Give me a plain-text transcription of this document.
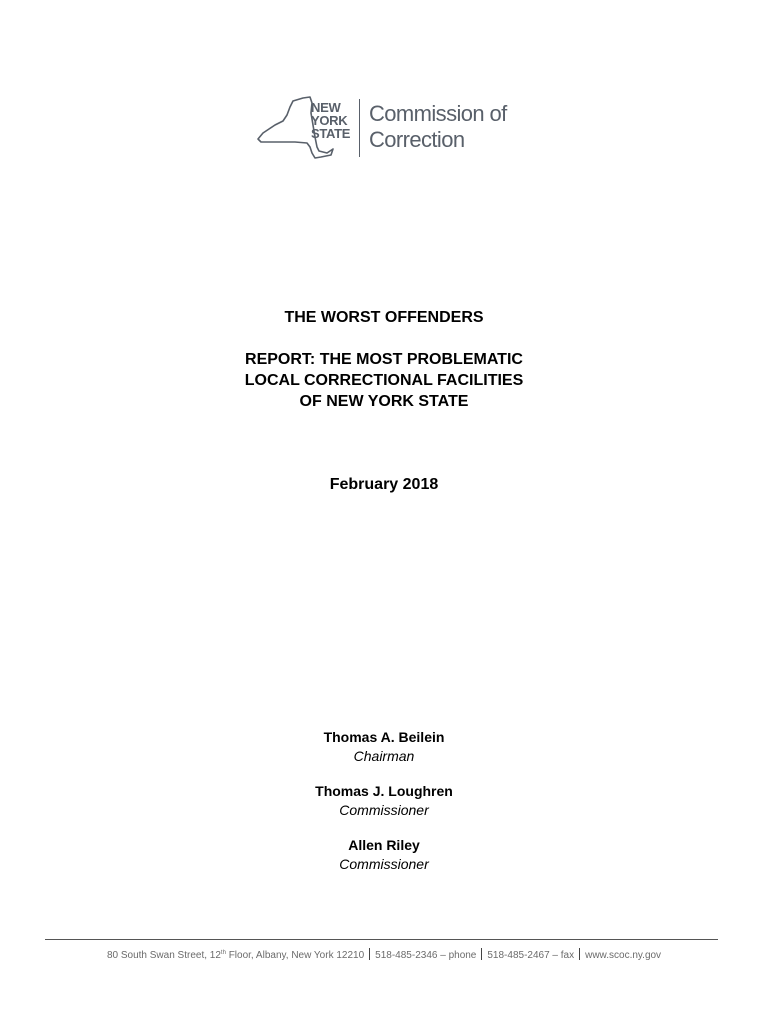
NEW
YORK
STATE
Commission of
Correction
THE WORST OFFENDERS
REPORT: THE MOST PROBLEMATIC
LOCAL CORRECTIONAL FACILITIES
OF NEW YORK STATE
February 2018
Thomas A. Beilein
Chairman
Thomas J. Loughren
Commissioner
Allen Riley
Commissioner
80 South Swan Street, 12th Floor, Albany, New York 12210 518-485-2346 – phone 518-485-2467 – fax www.scoc.ny.gov
